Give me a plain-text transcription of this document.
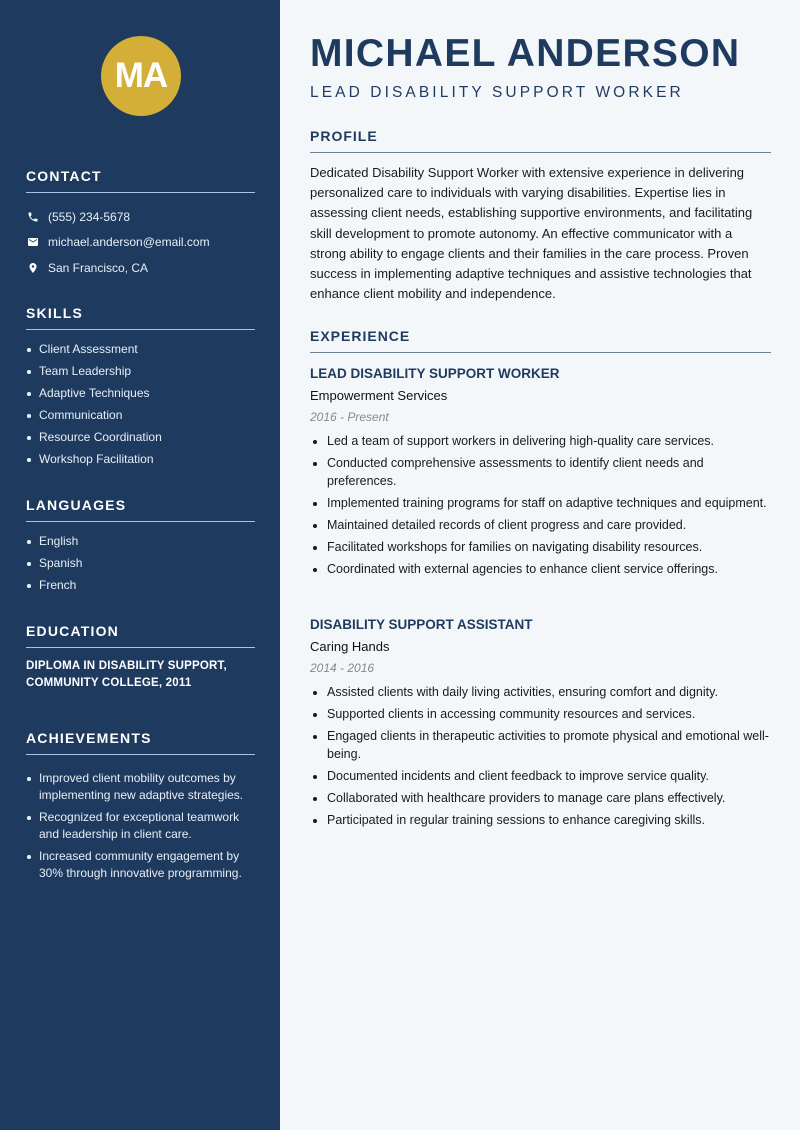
MA
CONTACT
(555) 234-5678
michael.anderson@email.com
San Francisco, CA
SKILLS
Client Assessment
Team Leadership
Adaptive Techniques
Communication
Resource Coordination
Workshop Facilitation
LANGUAGES
English
Spanish
French
EDUCATION

DIPLOMA IN DISABILITY SUPPORT, COMMUNITY COLLEGE, 2011

ACHIEVEMENTS
Improved client mobility outcomes by implementing new adaptive strategies.
Recognized for exceptional teamwork and leadership in client care.
Increased community engagement by 30% through innovative programming.
MICHAEL ANDERSON
LEAD DISABILITY SUPPORT WORKER
PROFILE

Dedicated Disability Support Worker with extensive experience in delivering personalized care to individuals with varying disabilities. Expertise lies in assessing client needs, establishing supportive environments, and facilitating skill development to promote autonomy. An effective communicator with a strong ability to engage clients and their families in the care process. Proven success in implementing adaptive techniques and assistive technologies that enhance client mobility and independence.

EXPERIENCE
LEAD DISABILITY SUPPORT WORKER
Empowerment Services
2016 - Present
Led a team of support workers in delivering high-quality care services.
Conducted comprehensive assessments to identify client needs and preferences.
Implemented training programs for staff on adaptive techniques and equipment.
Maintained detailed records of client progress and care provided.
Facilitated workshops for families on navigating disability resources.
Coordinated with external agencies to enhance client service offerings.
DISABILITY SUPPORT ASSISTANT
Caring Hands
2014 - 2016
Assisted clients with daily living activities, ensuring comfort and dignity.
Supported clients in accessing community resources and services.
Engaged clients in therapeutic activities to promote physical and emotional well-being.
Documented incidents and client feedback to improve service quality.
Collaborated with healthcare providers to manage care plans effectively.
Participated in regular training sessions to enhance caregiving skills.
